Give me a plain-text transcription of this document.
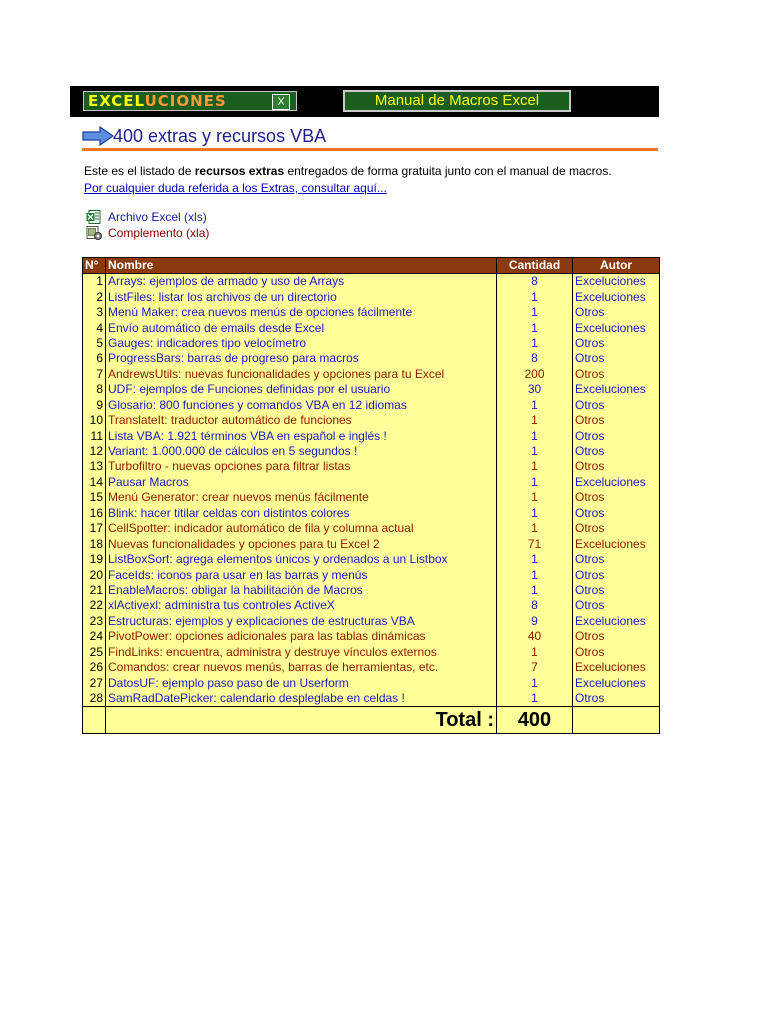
EXCELUCIONES	X	Manual de Macros Excel
400 extras y recursos VBA
Este es el listado de recursos extras entregados de forma gratuita junto con el manual de macros.
Por cualquier duda referida a los Extras, consultar aquí...
Archivo Excel (xls)
Complemento (xla)
N°	Nombre	Cantidad	Autor
1	Arrays: ejemplos de armado y uso de Arrays	8	Exceluciones
2	ListFiles: listar los archivos de un directorio	1	Exceluciones
3	Menú Maker: crea nuevos menús de opciones fácilmente	1	Otros
4	Envío automático de emails desde Excel	1	Exceluciones
5	Gauges: indicadores tipo velocímetro	1	Otros
6	ProgressBars: barras de progreso para macros	8	Otros
7	AndrewsUtils: nuevas funcionalidades y opciones para tu Excel	200	Otros
8	UDF: ejemplos de Funciones definidas por el usuario	30	Exceluciones
9	Glosario: 800 funciones y comandos VBA en 12 idiomas	1	Otros
10	TranslateIt: traductor automático de funciones	1	Otros
11	Lista VBA: 1.921 términos VBA en español e inglés !	1	Otros
12	Variant: 1.000.000 de cálculos en 5 segundos !	1	Otros
13	Turbofiltro - nuevas opciones para filtrar listas	1	Otros
14	Pausar Macros	1	Exceluciones
15	Menú Generator: crear nuevos menús fácilmente	1	Otros
16	Blink: hacer titilar celdas con distintos colores	1	Otros
17	CellSpotter: indicador automático de fila y columna actual	1	Otros
18	Nuevas funcionalidades y opciones para tu Excel 2	71	Exceluciones
19	ListBoxSort: agrega elementos únicos y ordenados a un Listbox	1	Otros
20	FaceIds: iconos para usar en las barras y menús	1	Otros
21	EnableMacros: obligar la habilitación de Macros	1	Otros
22	xlActivexl: administra tus controles ActiveX	8	Otros
23	Estructuras: ejemplos y explicaciones de estructuras VBA	9	Exceluciones
24	PivotPower: opciones adicionales para las tablas dinámicas	40	Otros
25	FindLinks: encuentra, administra y destruye vínculos externos	1	Otros
26	Comandos: crear nuevos menús, barras de herramientas, etc.	7	Exceluciones
27	DatosUF: ejemplo paso paso de un Userform	1	Exceluciones
28	SamRadDatePicker: calendario despleglabe en celdas !	1	Otros
	Total :	400	
